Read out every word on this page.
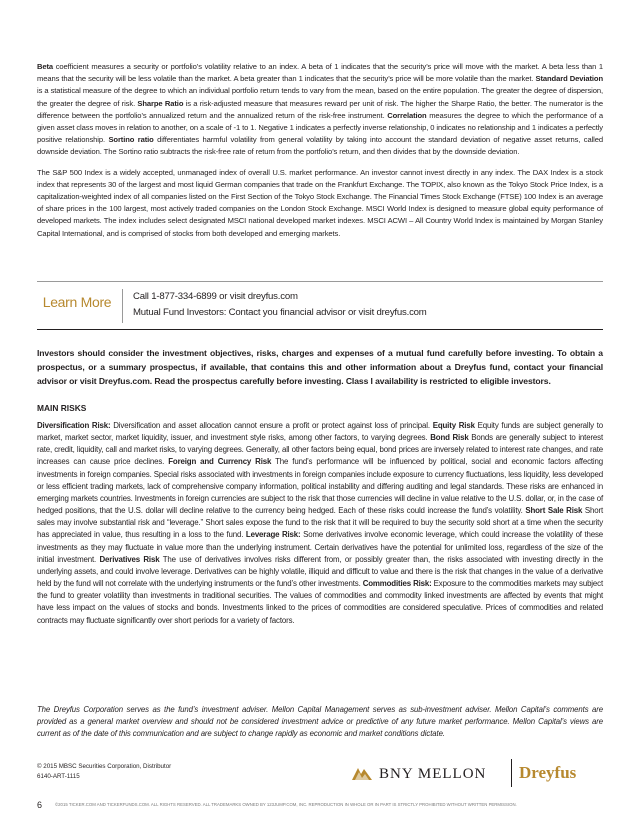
Beta coefficient measures a security or portfolio’s volatility relative to an index. A beta of 1 indicates that the security’s price will move with the market. A beta less than 1 means that the security will be less volatile than the market. A beta greater than 1 indicates that the security’s price will be more volatile than the market. Standard Deviation is a statistical measure of the degree to which an individual portfolio return tends to vary from the mean, based on the entire population. The greater the degree of dispersion, the greater the degree of risk. Sharpe Ratio is a risk-adjusted measure that measures reward per unit of risk. The higher the Sharpe Ratio, the better. The numerator is the difference between the portfolio’s annualized return and the annualized return of the risk-free instrument. Correlation measures the degree to which the performance of a given asset class moves in relation to another, on a scale of -1 to 1. Negative 1 indicates a perfectly inverse relationship, 0 indicates no relationship and 1 indicates a perfectly positive relationship. Sortino ratio differentiates harmful volatility from general volatility by taking into account the standard deviation of negative asset returns, called downside deviation. The Sortino ratio subtracts the risk-free rate of return from the portfolio’s return, and then divides that by the downside deviation.

The S&P 500 Index is a widely accepted, unmanaged index of overall U.S. market performance. An investor cannot invest directly in any index. The DAX Index is a stock index that represents 30 of the largest and most liquid German companies that trade on the Frankfurt Exchange. The TOPIX, also known as the Tokyo Stock Price Index, is a capitalization-weighted index of all companies listed on the First Section of the Tokyo Stock Exchange. The Financial Times Stock Exchange (FTSE) 100 Index is an average of share prices in the 100 largest, most actively traded companies on the London Stock Exchange. MSCI World Index is designed to measure global equity performance of developed markets. The index includes select designated MSCI national developed market indexes. MSCI ACWI – All Country World Index is maintained by Morgan Stanley Capital International, and is comprised of stocks from both developed and emerging markets.

Learn More	Call 1-877-334-6899 or visit dreyfus.com
Mutual Fund Investors: Contact you financial advisor or visit dreyfus.com
Investors should consider the investment objectives, risks, charges and expenses of a mutual fund carefully before investing. To obtain a prospectus, or a summary prospectus, if available, that contains this and other information about a Dreyfus fund, contact your financial advisor or visit Dreyfus.com. Read the prospectus carefully before investing. Class I availability is restricted to eligible investors.
MAIN RISKS
Diversification Risk: Diversification and asset allocation cannot ensure a profit or protect against loss of principal. Equity Risk Equity funds are subject generally to market, market sector, market liquidity, issuer, and investment style risks, among other factors, to varying degrees. Bond Risk Bonds are generally subject to interest rate, credit, liquidity, call and market risks, to varying degrees. Generally, all other factors being equal, bond prices are inversely related to interest rate changes, and rate increases can cause price declines. Foreign and Currency Risk The fund’s performance will be influenced by political, social and economic factors affecting investments in foreign companies. Special risks associated with investments in foreign companies include exposure to currency fluctuations, less liquidity, less developed or less efficient trading markets, lack of comprehensive company information, political instability and differing auditing and legal standards. These risks are enhanced in emerging markets countries. Investments in foreign currencies are subject to the risk that those currencies will decline in value relative to the U.S. dollar, or, in the case of hedged positions, that the U.S. dollar will decline relative to the currency being hedged. Each of these risks could increase the fund’s volatility. Short Sale Risk Short sales may involve substantial risk and “leverage.” Short sales expose the fund to the risk that it will be required to buy the security sold short at a time when the security has appreciated in value, thus resulting in a loss to the fund. Leverage Risk: Some derivatives involve economic leverage, which could increase the volatility of these investments as they may fluctuate in value more than the underlying instrument. Certain derivatives have the potential for unlimited loss, regardless of the size of the initial investment. Derivatives Risk The use of derivatives involves risks different from, or possibly greater than, the risks associated with investing directly in the underlying assets, and could involve leverage. Derivatives can be highly volatile, illiquid and difficult to value and there is the risk that changes in the value of a derivative held by the fund will not correlate with the underlying instruments or the fund’s other investments. Commodities Risk: Exposure to the commodities markets may subject the fund to greater volatility than investments in traditional securities. The values of commodities and commodity linked investments are affected by events that might have less impact on the values of stocks and bonds. Investments linked to the prices of commodities are considered speculative. Prices of commodities and related contracts may fluctuate significantly over short periods for a variety of factors.
The Dreyfus Corporation serves as the fund’s investment adviser. Mellon Capital Management serves as sub-investment adviser. Mellon Capital’s comments are provided as a general market overview and should not be considered investment advice or predictive of any future market performance. Mellon Capital’s views are current as of the date of this communication and are subject to change rapidly as economic and market conditions dictate.
© 2015 MBSC Securities Corporation, Distributor
6140-ART-1115	BNY MELLON Dreyfus
6	©2015 TICKER.COM AND TICKERFUNDS.COM. ALL RIGHTS RESERVED. ALL TRADEMARKS OWNED BY 123JUMP.COM, INC. REPRODUCTION IN WHOLE OR IN PART IS STRICTLY PROHIBITED WITHOUT WRITTEN PERMISSION.
